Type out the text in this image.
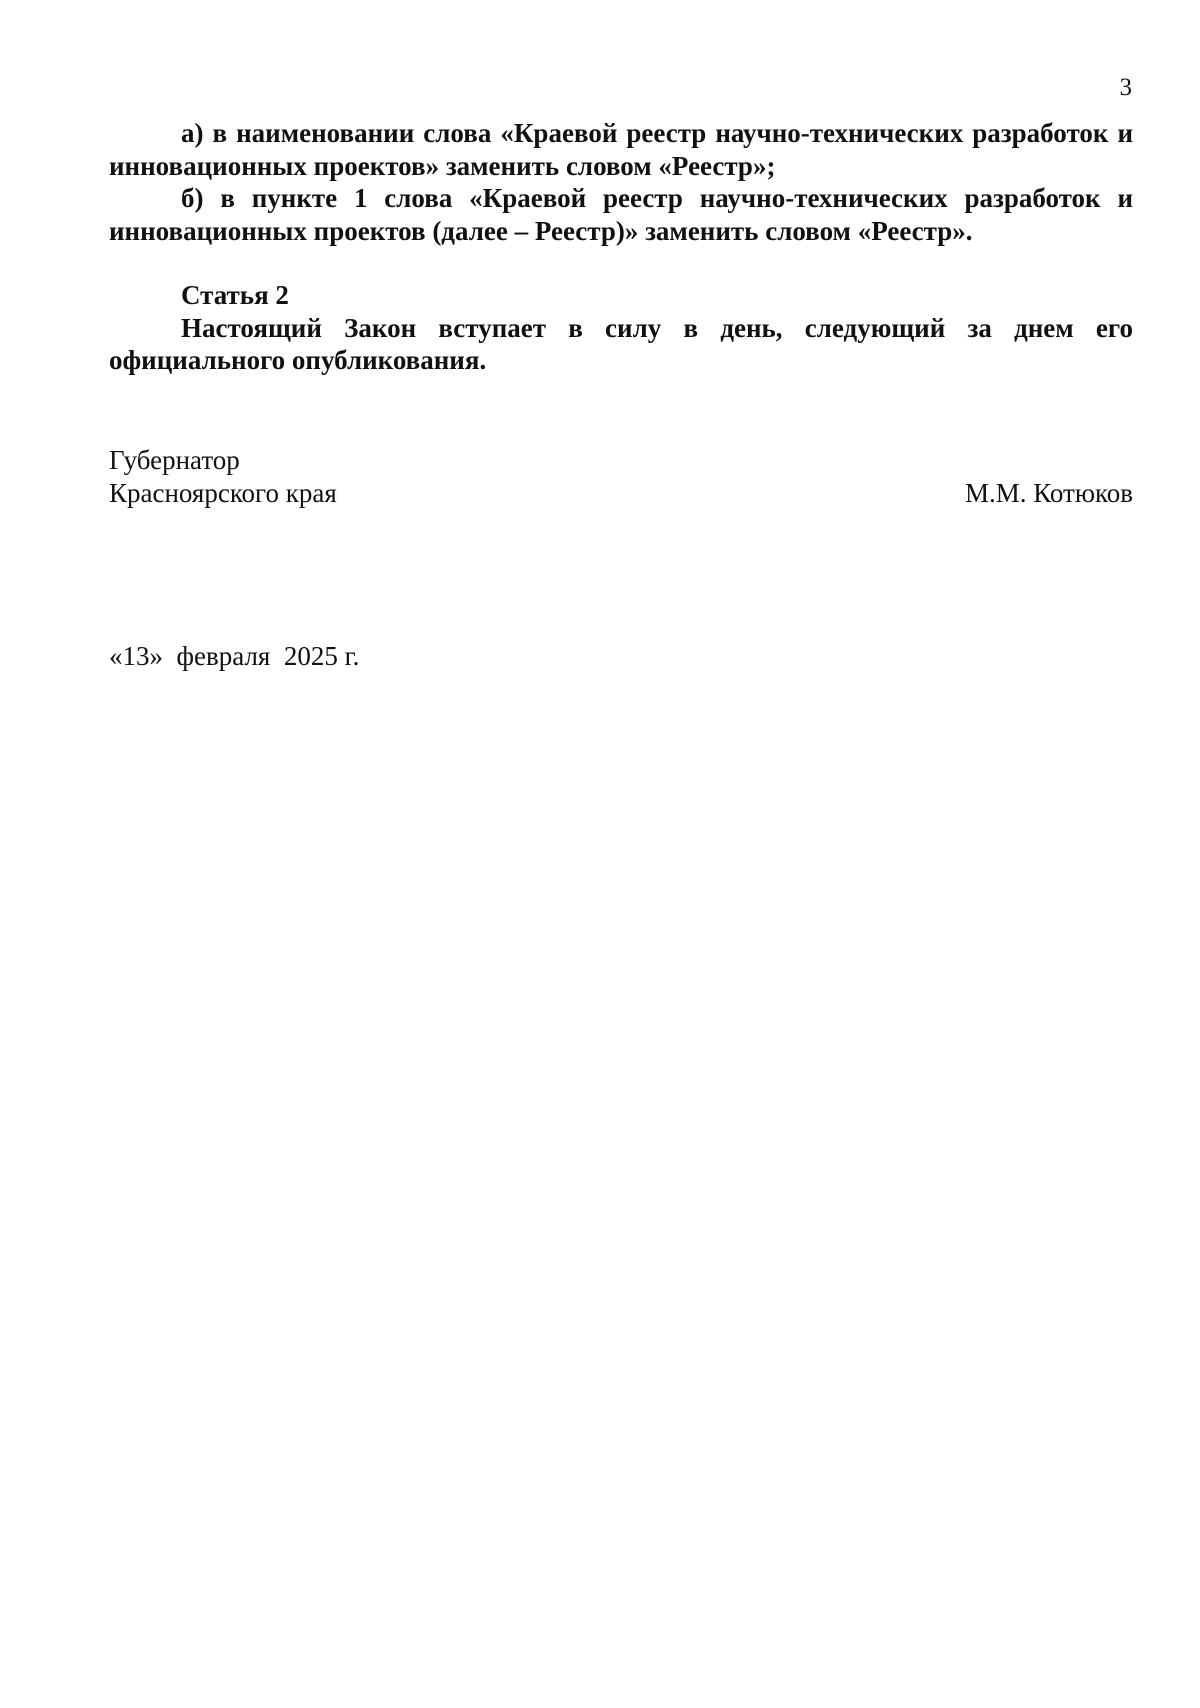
3

а) в наименовании слова «Краевой реестр научно-технических разработок и инновационных проектов» заменить словом «Реестр»;

б) в пункте 1 слова «Краевой реестр научно-технических разработок и инновационных проектов (далее – Реестр)» заменить словом «Реестр».

Статья 2

Настоящий Закон вступает в силу в день, следующий за днем его официального опубликования.

Губернатор
Красноярского края	М.М. Котюков
«13»  февраля  2025 г.
